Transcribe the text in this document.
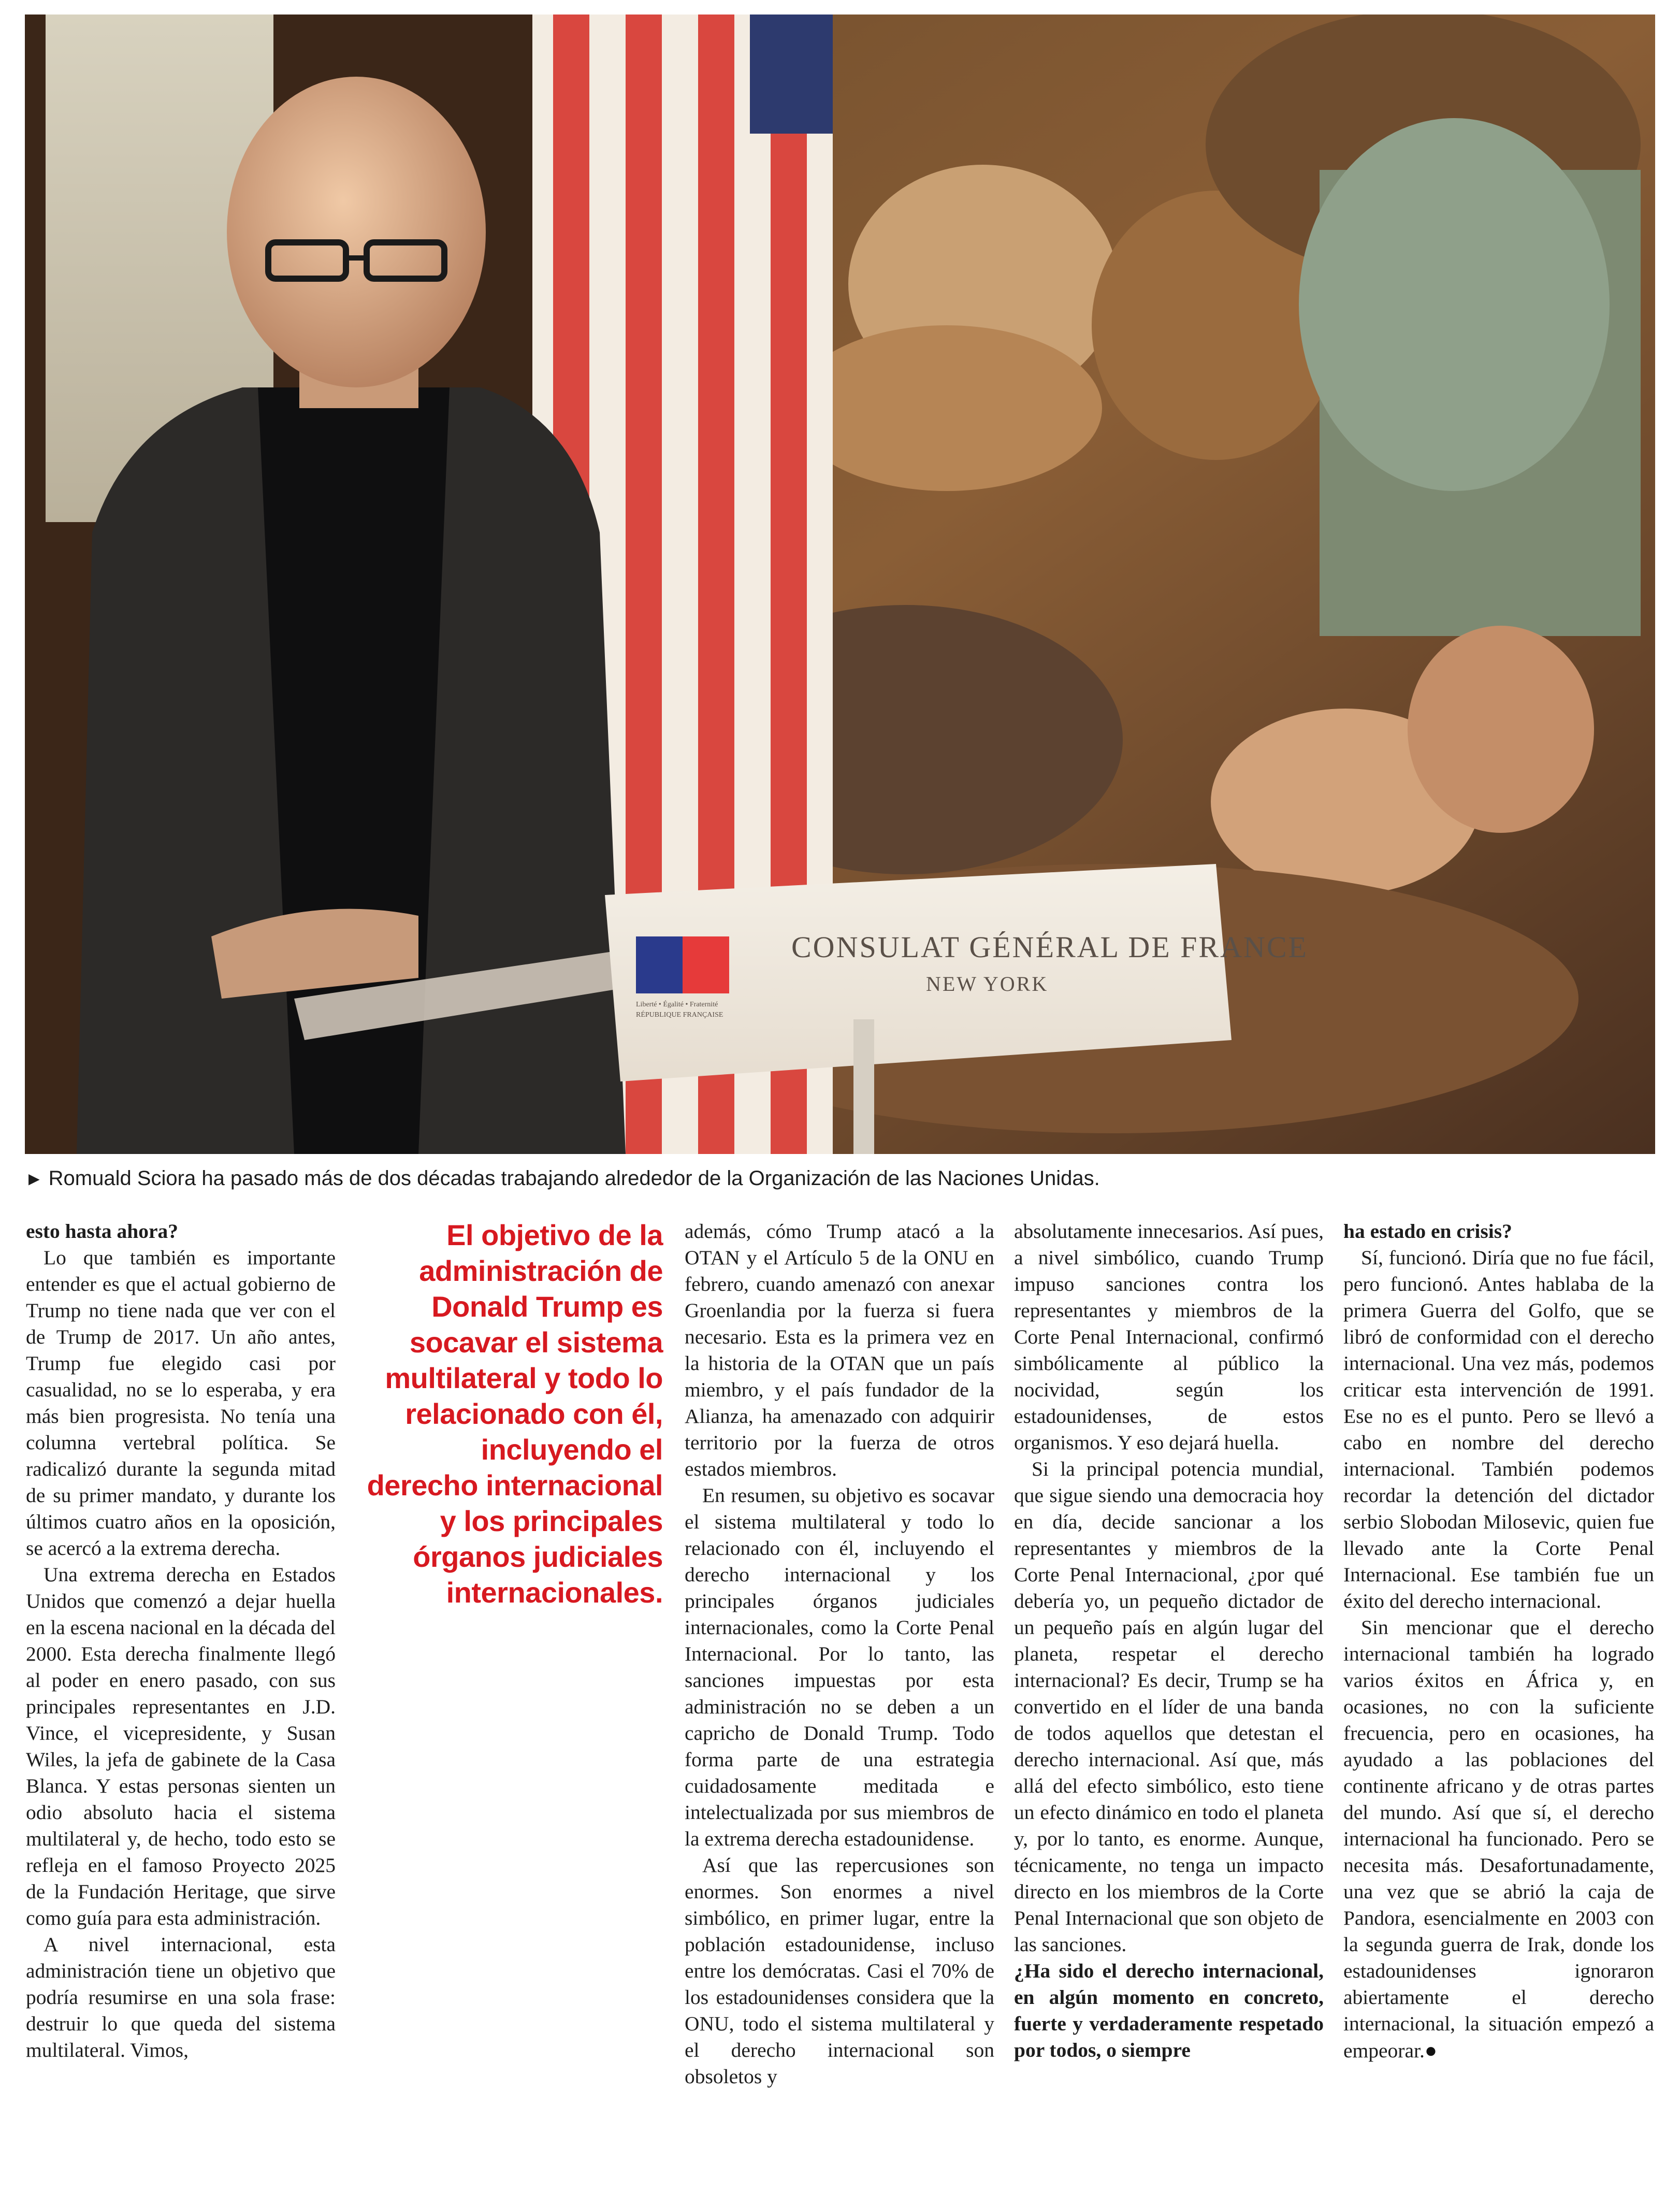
CONSULAT GÉNÉRAL DE FRANCE
NEW YORK
Liberté • Égalité • Fraternité
RÉPUBLIQUE FRANÇAISE
► Romuald Sciora ha pasado más de dos décadas trabajando alrededor de la Organización de las Naciones Unidas.

esto hasta ahora?

Lo que también es importante entender es que el actual gobierno de Trump no tiene nada que ver con el de Trump de 2017. Un año antes, Trump fue elegido casi por casualidad, no se lo esperaba, y era más bien progresista. No tenía una columna vertebral política. Se radicalizó durante la segunda mitad de su primer mandato, y durante los últimos cuatro años en la oposición, se acercó a la extrema derecha.

Una extrema derecha en Estados Unidos que comenzó a dejar huella en la escena nacional en la década del 2000. Esta derecha finalmente llegó al poder en enero pasado, con sus principales representantes en J.D. Vince, el vicepresidente, y Susan Wiles, la jefa de gabinete de la Casa Blanca. Y estas personas sienten un odio absoluto hacia el sistema multilateral y, de hecho, todo esto se refleja en el famoso Proyecto 2025 de la Fundación Heritage, que sirve como guía para esta administración.

A nivel internacional, esta administración tiene un objetivo que podría resumirse en una sola frase: destruir lo que queda del sistema multilateral. Vimos,

El objetivo de la administración de Donald Trump es socavar el sistema multilateral y todo lo relacionado con él, incluyendo el derecho internacional y los principales órganos judiciales internacionales.

además, cómo Trump atacó a la OTAN y el Artículo 5 de la ONU en febrero, cuando amenazó con anexar Groenlandia por la fuerza si fuera necesario. Esta es la primera vez en la historia de la OTAN que un país miembro, y el país fundador de la Alianza, ha amenazado con adquirir territorio por la fuerza de otros estados miembros.

En resumen, su objetivo es socavar el sistema multilateral y todo lo relacionado con él, incluyendo el derecho internacional y los principales órganos judiciales internacionales, como la Corte Penal Internacional. Por lo tanto, las sanciones impuestas por esta administración no se deben a un capricho de Donald Trump. Todo forma parte de una estrategia cuidadosamente meditada e intelectualizada por sus miembros de la extrema derecha estadounidense.

Así que las repercusiones son enormes. Son enormes a nivel simbólico, en primer lugar, entre la población estadounidense, incluso entre los demócratas. Casi el 70% de los estadounidenses considera que la ONU, todo el sistema multilateral y el derecho internacional son obsoletos y

absolutamente innecesarios. Así pues, a nivel simbólico, cuando Trump impuso sanciones contra los representantes y miembros de la Corte Penal Internacional, confirmó simbólicamente al público la nocividad, según los estadounidenses, de estos organismos. Y eso dejará huella.

Si la principal potencia mundial, que sigue siendo una democracia hoy en día, decide sancionar a los representantes y miembros de la Corte Penal Internacional, ¿por qué debería yo, un pequeño dictador de un pequeño país en algún lugar del planeta, respetar el derecho internacional? Es decir, Trump se ha convertido en el líder de una banda de todos aquellos que detestan el derecho internacional. Así que, más allá del efecto simbólico, esto tiene un efecto dinámico en todo el planeta y, por lo tanto, es enorme. Aunque, técnicamente, no tenga un impacto directo en los miembros de la Corte Penal Internacional que son objeto de las sanciones.

¿Ha sido el derecho internacional, en algún momento en concreto, fuerte y verdaderamente respetado por todos, o siempre

ha estado en crisis?

Sí, funcionó. Diría que no fue fácil, pero funcionó. Antes hablaba de la primera Guerra del Golfo, que se libró de conformidad con el derecho internacional. Una vez más, podemos criticar esta intervención de 1991. Ese no es el punto. Pero se llevó a cabo en nombre del derecho internacional. También podemos recordar la detención del dictador serbio Slobodan Milosevic, quien fue llevado ante la Corte Penal Internacional. Ese también fue un éxito del derecho internacional.

Sin mencionar que el derecho internacional también ha logrado varios éxitos en África y, en ocasiones, no con la suficiente frecuencia, pero en ocasiones, ha ayudado a las poblaciones del continente africano y de otras partes del mundo. Así que sí, el derecho internacional ha funcionado. Pero se necesita más. Desafortunadamente, una vez que se abrió la caja de Pandora, esencialmente en 2003 con la segunda guerra de Irak, donde los estadounidenses ignoraron abiertamente el derecho internacional, la situación empezó a empeorar.●
